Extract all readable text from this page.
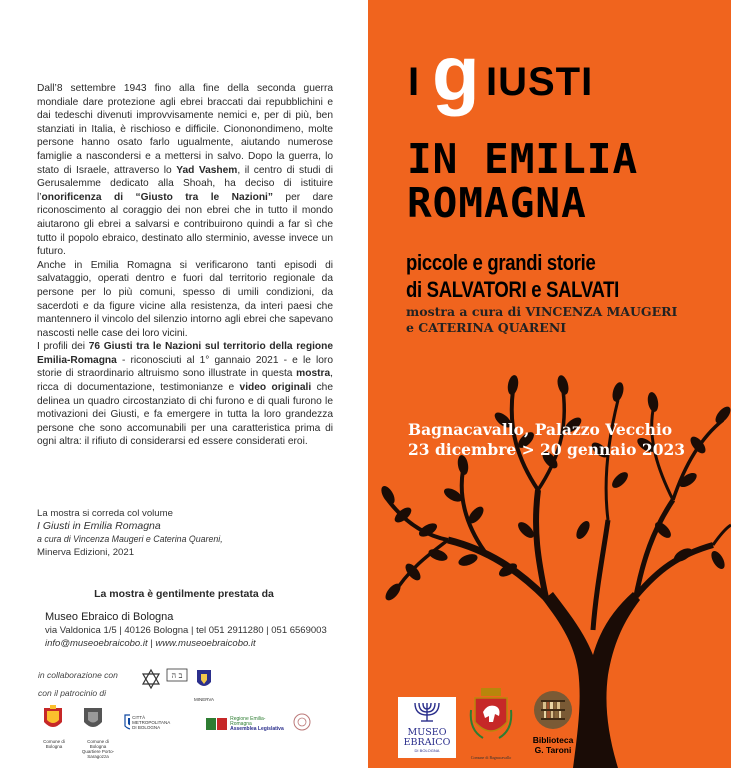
Dall’8 settembre 1943 fino alla fine della seconda guerra mondiale dare protezione agli ebrei braccati dai repubblichini e dai tedeschi divenuti improvvisamente nemici e, per di più, ben stanziati in Italia, è rischioso e difficile. Ciononondimeno, molte persone hanno osato farlo ugualmente, aiutando numerose famiglie a nascondersi e a mettersi in salvo. Dopo la guerra, lo stato di Israele, attraverso lo Yad Vashem, il centro di studi di Gerusalemme dedicato alla Shoah, ha deciso di istituire l’onorificenza di “Giusto tra le Nazioni” per dare riconoscimento al coraggio dei non ebrei che in tutto il mondo aiutarono gli ebrei a salvarsi e contribuirono quindi a far sì che tutto il popolo ebraico, destinato allo sterminio, avesse invece un futuro.

Anche in Emilia Romagna si verificarono tanti episodi di salvataggio, operati dentro e fuori dal territorio regionale da persone per lo più comuni, spesso di umili condizioni, da sacerdoti e da figure vicine alla resistenza, da interi paesi che mantennero il vincolo del silenzio intorno agli ebrei che sapevano nascosti nelle case dei loro vicini.

I profili dei 76 Giusti tra le Nazioni sul territorio della regione Emilia-Romagna - riconosciuti al 1° gannaio 2021 - e le loro storie di straordinario altruismo sono illustrate in questa mostra, ricca di documentazione, testimonianze e video originali che delinea un quadro circostanziato di chi furono e di quali furono le motivazioni dei Giusti, e fa emergere in tutta la loro grandezza persone che sono accomunabili per una caratteristica prima di ogni altra: il rifiuto di considerarsi ed essere considerati eroi.

La mostra si corredа col volume
I Giusti in Emilia Romagna
a cura di Vincenza Maugeri e Caterina Quareni,
Minerva Edizioni, 2021
La mostra è gentilmente prestata da
Museo Ebraico di Bologna
via Valdonica 1/5 | 40126 Bologna | tel 051 2911280 | 051 6569003
info@museoebraicobo.it | www.museoebraicobo.it
in collaborazione con	ב ה
MINERVA
con il patrocinio di
Comune di Bologna
Comune di Bologna Quartiere Porto-Saragozza
CITTÀ METROPOLITANA DI BOLOGNA
Regione Emilia-Romagna
Assemblea Legislativa
I g IUSTI
IN EMILIA
ROMAGNA
piccole e grandi storie
di SALVATORI e SALVATI
mostra a cura di VINCENZA MAUGERI
e CATERINA QUARENI
Bagnacavallo, Palazzo Vecchio
23 dicembre > 20 gennaio 2023
MUSEO
EBRAICO
DI BOLOGNA
Comune di Bagnacavallo
Biblioteca
G. Taroni
